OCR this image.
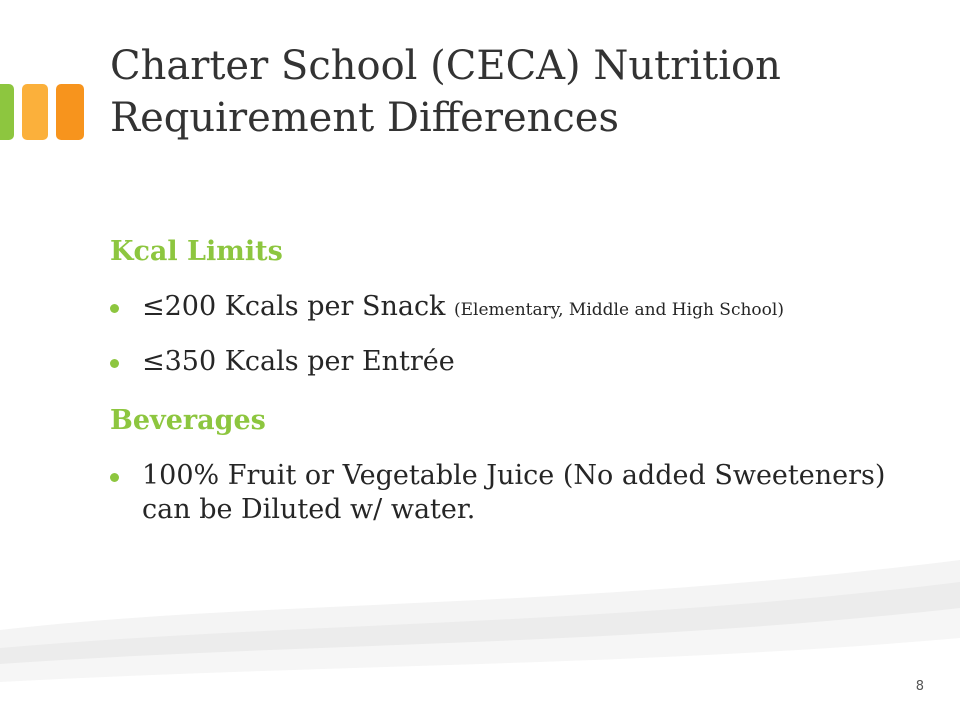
Charter School (CECA) Nutrition
Requirement Differences

Kcal Limits

≤200 Kcals per Snack (Elementary, Middle and High School)
≤350 Kcals per Entrée

Beverages

100% Fruit or Vegetable Juice (No added Sweeteners) can be Diluted w/ water.
8
